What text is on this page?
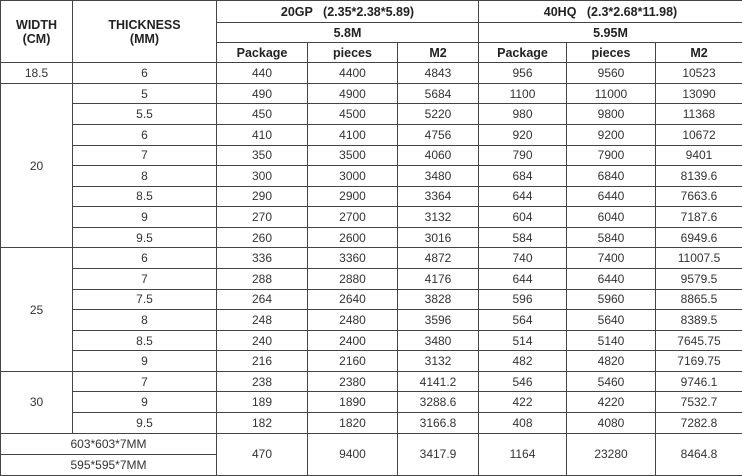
WIDTH
(CM)	THICKNESS
(MM)	20GP   (2.35*2.38*5.89)			40HQ   (2.3*2.68*11.98)		
		5.8M			5.95M		
		Package	pieces	M2	Package	pieces	M2
18.5	6	440	4400	4843	956	9560	10523
20	5	490	4900	5684	1100	11000	13090
	5.5	450	4500	5220	980	9800	11368
	6	410	4100	4756	920	9200	10672
	7	350	3500	4060	790	7900	9401
	8	300	3000	3480	684	6840	8139.6
	8.5	290	2900	3364	644	6440	7663.6
	9	270	2700	3132	604	6040	7187.6
	9.5	260	2600	3016	584	5840	6949.6
25	6	336	3360	4872	740	7400	11007.5
	7	288	2880	4176	644	6440	9579.5
	7.5	264	2640	3828	596	5960	8865.5
	8	248	2480	3596	564	5640	8389.5
	8.5	240	2400	3480	514	5140	7645.75
	9	216	2160	3132	482	4820	7169.75
30	7	238	2380	4141.2	546	5460	9746.1
	9	189	1890	3288.6	422	4220	7532.7
	9.5	182	1820	3166.8	408	4080	7282.8
603*603*7MM		470	9400	3417.9	1164	23280	8464.8
595*595*7MM							
